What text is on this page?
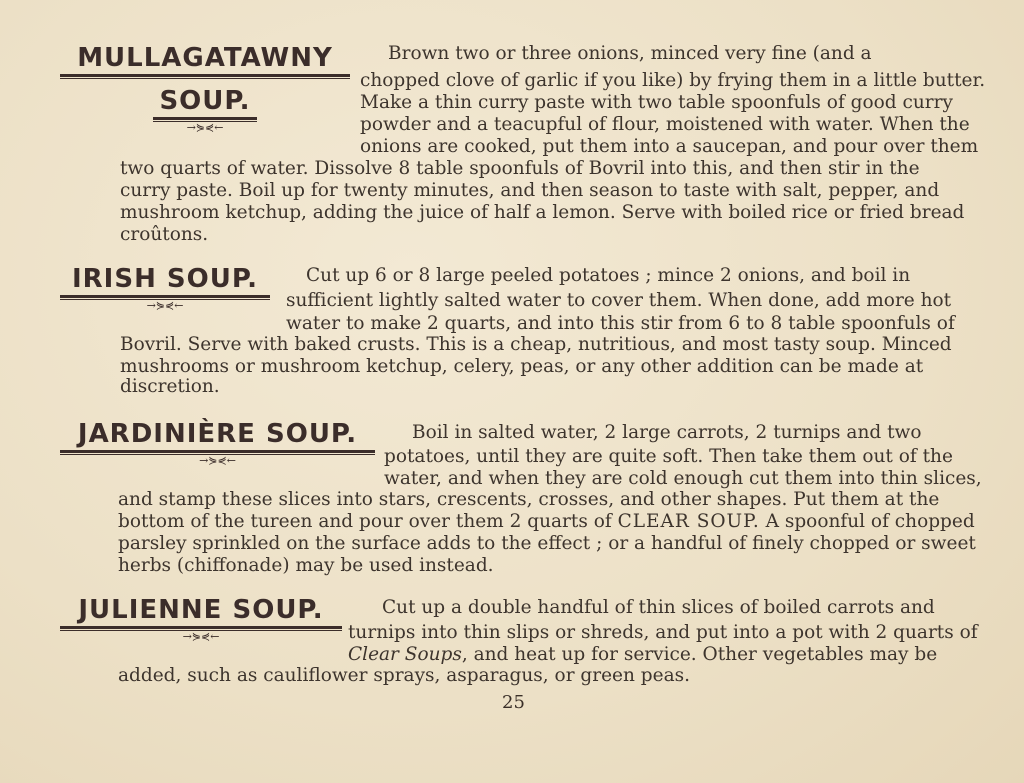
MULLAGATAWNY
SOUP.
→⋟⋞←
Brown two or three onions, minced very fine (and a
chopped clove of garlic if you like) by frying them in a little butter.
Make a thin curry paste with two table spoonfuls of good curry
powder and a teacupful of flour, moistened with water. When the
onions are cooked, put them into a saucepan, and pour over them
two quarts of water. Dissolve 8 table spoonfuls of Bovril into this, and then stir in the
curry paste. Boil up for twenty minutes, and then season to taste with salt, pepper, and
mushroom ketchup, adding the juice of half a lemon. Serve with boiled rice or fried bread
croûtons.
IRISH SOUP.
→⋟⋞←
Cut up 6 or 8 large peeled potatoes ; mince 2 onions, and boil in
sufficient lightly salted water to cover them. When done, add more hot
water to make 2 quarts, and into this stir from 6 to 8 table spoonfuls of
Bovril. Serve with baked crusts. This is a cheap, nutritious, and most tasty soup. Minced
mushrooms or mushroom ketchup, celery, peas, or any other addition can be made at
discretion.
JARDINIÈRE SOUP.
→⋟⋞←
Boil in salted water, 2 large carrots, 2 turnips and two
potatoes, until they are quite soft. Then take them out of the
water, and when they are cold enough cut them into thin slices,
and stamp these slices into stars, crescents, crosses, and other shapes. Put them at the
bottom of the tureen and pour over them 2 quarts of CLEAR SOUP. A spoonful of chopped
parsley sprinkled on the surface adds to the effect ; or a handful of finely chopped or sweet
herbs (chiffonade) may be used instead.
JULIENNE SOUP.
→⋟⋞←
Cut up a double handful of thin slices of boiled carrots and
turnips into thin slips or shreds, and put into a pot with 2 quarts of
Clear Soups, and heat up for service. Other vegetables may be
added, such as cauliflower sprays, asparagus, or green peas.
25
